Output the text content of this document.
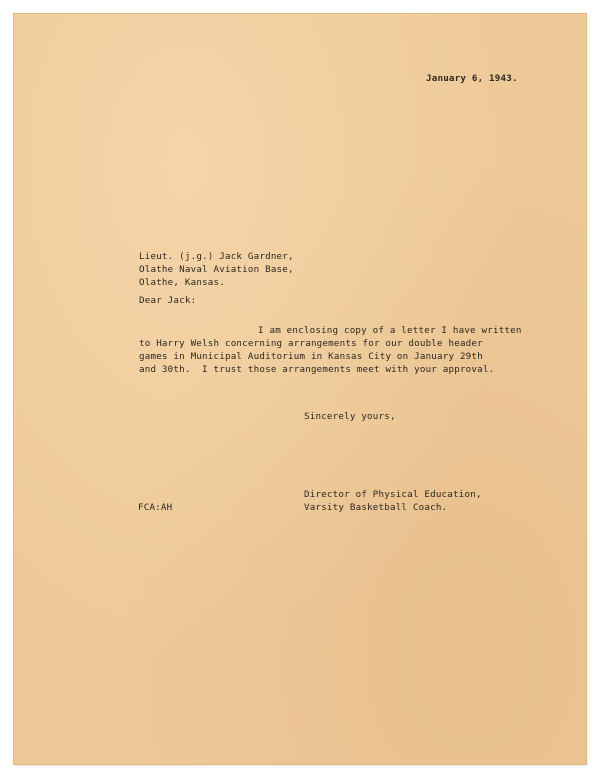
January 6, 1943.
Lieut. (j.g.) Jack Gardner,
Olathe Naval Aviation Base,
Olathe, Kansas.
Dear Jack:
I am enclosing copy of a letter I have written
to Harry Welsh concerning arrangements for our double header
games in Municipal Auditorium in Kansas City on January 29th
and 30th.  I trust those arrangements meet with your approval.
Sincerely yours,
FCA:AH
Director of Physical Education,
Varsity Basketball Coach.
